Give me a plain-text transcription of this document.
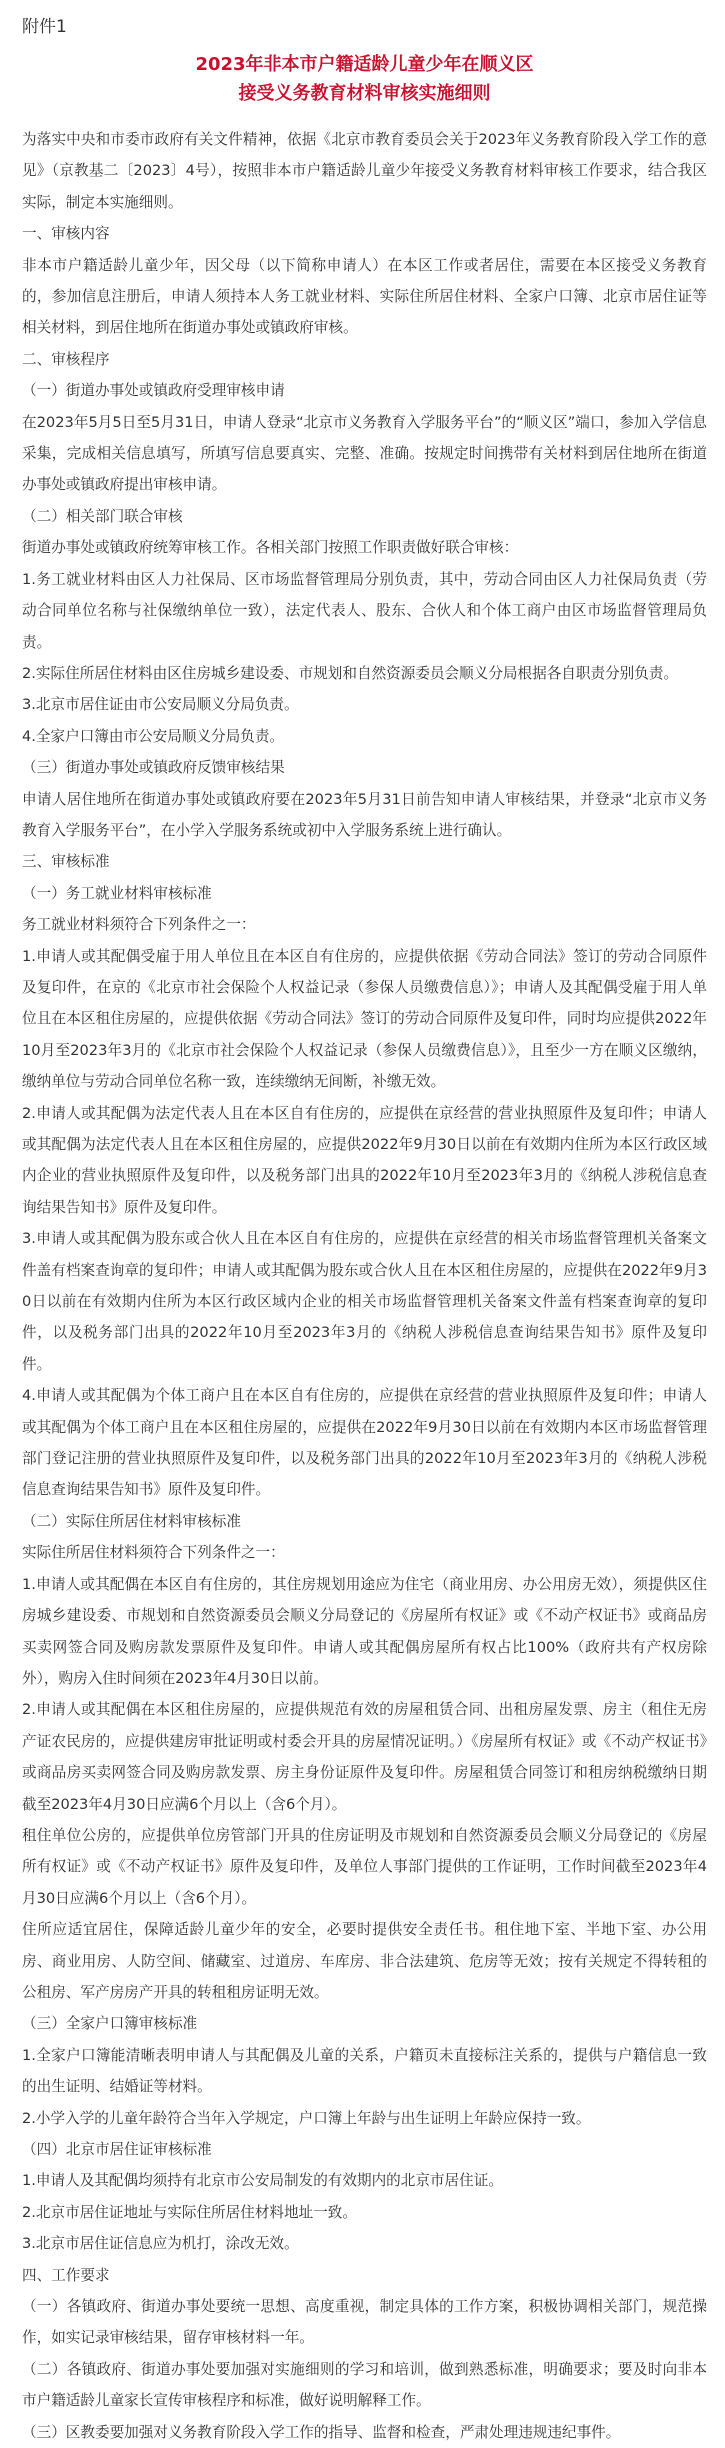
附件1
2023年非本市户籍适龄儿童少年在顺义区
接受义务教育材料审核实施细则

为落实中央和市委市政府有关文件精神，依据《北京市教育委员会关于2023年义务教育阶段入学工作的意见》（京教基二〔2023〕4号），按照非本市户籍适龄儿童少年接受义务教育材料审核工作要求，结合我区实际，制定本实施细则。

一、审核内容

非本市户籍适龄儿童少年，因父母（以下简称申请人）在本区工作或者居住，需要在本区接受义务教育的，参加信息注册后，申请人须持本人务工就业材料、实际住所居住材料、全家户口簿、北京市居住证等相关材料，到居住地所在街道办事处或镇政府审核。

二、审核程序

（一）街道办事处或镇政府受理审核申请

在2023年5月5日至5月31日，申请人登录“北京市义务教育入学服务平台”的“顺义区”端口，参加入学信息采集，完成相关信息填写，所填写信息要真实、完整、准确。按规定时间携带有关材料到居住地所在街道办事处或镇政府提出审核申请。

（二）相关部门联合审核

街道办事处或镇政府统筹审核工作。各相关部门按照工作职责做好联合审核：

1.务工就业材料由区人力社保局、区市场监督管理局分别负责，其中，劳动合同由区人力社保局负责（劳动合同单位名称与社保缴纳单位一致），法定代表人、股东、合伙人和个体工商户由区市场监督管理局负责。

2.实际住所居住材料由区住房城乡建设委、市规划和自然资源委员会顺义分局根据各自职责分别负责。

3.北京市居住证由市公安局顺义分局负责。

4.全家户口簿由市公安局顺义分局负责。

（三）街道办事处或镇政府反馈审核结果

申请人居住地所在街道办事处或镇政府要在2023年5月31日前告知申请人审核结果，并登录“北京市义务教育入学服务平台”，在小学入学服务系统或初中入学服务系统上进行确认。

三、审核标准

（一）务工就业材料审核标准

务工就业材料须符合下列条件之一：

1.申请人或其配偶受雇于用人单位且在本区自有住房的，应提供依据《劳动合同法》签订的劳动合同原件及复印件，在京的《北京市社会保险个人权益记录（参保人员缴费信息）》；申请人及其配偶受雇于用人单位且在本区租住房屋的，应提供依据《劳动合同法》签订的劳动合同原件及复印件，同时均应提供2022年10月至2023年3月的《北京市社会保险个人权益记录（参保人员缴费信息）》，且至少一方在顺义区缴纳，缴纳单位与劳动合同单位名称一致，连续缴纳无间断，补缴无效。

2.申请人或其配偶为法定代表人且在本区自有住房的，应提供在京经营的营业执照原件及复印件；申请人或其配偶为法定代表人且在本区租住房屋的，应提供2022年9月30日以前在有效期内住所为本区行政区域内企业的营业执照原件及复印件，以及税务部门出具的2022年10月至2023年3月的《纳税人涉税信息查询结果告知书》原件及复印件。

3.申请人或其配偶为股东或合伙人且在本区自有住房的，应提供在京经营的相关市场监督管理机关备案文件盖有档案查询章的复印件；申请人或其配偶为股东或合伙人且在本区租住房屋的，应提供在2022年9月30日以前在有效期内住所为本区行政区域内企业的相关市场监督管理机关备案文件盖有档案查询章的复印件，以及税务部门出具的2022年10月至2023年3月的《纳税人涉税信息查询结果告知书》原件及复印件。

4.申请人或其配偶为个体工商户且在本区自有住房的，应提供在京经营的营业执照原件及复印件；申请人或其配偶为个体工商户且在本区租住房屋的，应提供在2022年9月30日以前在有效期内本区市场监督管理部门登记注册的营业执照原件及复印件，以及税务部门出具的2022年10月至2023年3月的《纳税人涉税信息查询结果告知书》原件及复印件。

（二）实际住所居住材料审核标准

实际住所居住材料须符合下列条件之一：

1.申请人或其配偶在本区自有住房的，其住房规划用途应为住宅（商业用房、办公用房无效），须提供区住房城乡建设委、市规划和自然资源委员会顺义分局登记的《房屋所有权证》或《不动产权证书》或商品房买卖网签合同及购房款发票原件及复印件。申请人或其配偶房屋所有权占比100%（政府共有产权房除外），购房入住时间须在2023年4月30日以前。

2.申请人或其配偶在本区租住房屋的，应提供规范有效的房屋租赁合同、出租房屋发票、房主（租住无房产证农民房的，应提供建房审批证明或村委会开具的房屋情况证明。）《房屋所有权证》或《不动产权证书》或商品房买卖网签合同及购房款发票、房主身份证原件及复印件。房屋租赁合同签订和租房纳税缴纳日期截至2023年4月30日应满6个月以上（含6个月）。

租住单位公房的，应提供单位房管部门开具的住房证明及市规划和自然资源委员会顺义分局登记的《房屋所有权证》或《不动产权证书》原件及复印件，及单位人事部门提供的工作证明，工作时间截至2023年4月30日应满6个月以上（含6个月）。

住所应适宜居住，保障适龄儿童少年的安全，必要时提供安全责任书。租住地下室、半地下室、办公用房、商业用房、人防空间、储藏室、过道房、车库房、非合法建筑、危房等无效；按有关规定不得转租的公租房、军产房房产开具的转租租房证明无效。

（三）全家户口簿审核标准

1.全家户口簿能清晰表明申请人与其配偶及儿童的关系，户籍页未直接标注关系的，提供与户籍信息一致的出生证明、结婚证等材料。

2.小学入学的儿童年龄符合当年入学规定，户口簿上年龄与出生证明上年龄应保持一致。

（四）北京市居住证审核标准

1.申请人及其配偶均须持有北京市公安局制发的有效期内的北京市居住证。

2.北京市居住证地址与实际住所居住材料地址一致。

3.北京市居住证信息应为机打，涂改无效。

四、工作要求

（一）各镇政府、街道办事处要统一思想、高度重视，制定具体的工作方案，积极协调相关部门，规范操作，如实记录审核结果，留存审核材料一年。

（二）各镇政府、街道办事处要加强对实施细则的学习和培训，做到熟悉标准，明确要求；要及时向非本市户籍适龄儿童家长宣传审核程序和标准，做好说明解释工作。

（三）区教委要加强对义务教育阶段入学工作的指导、监督和检查，严肃处理违规违纪事件。
